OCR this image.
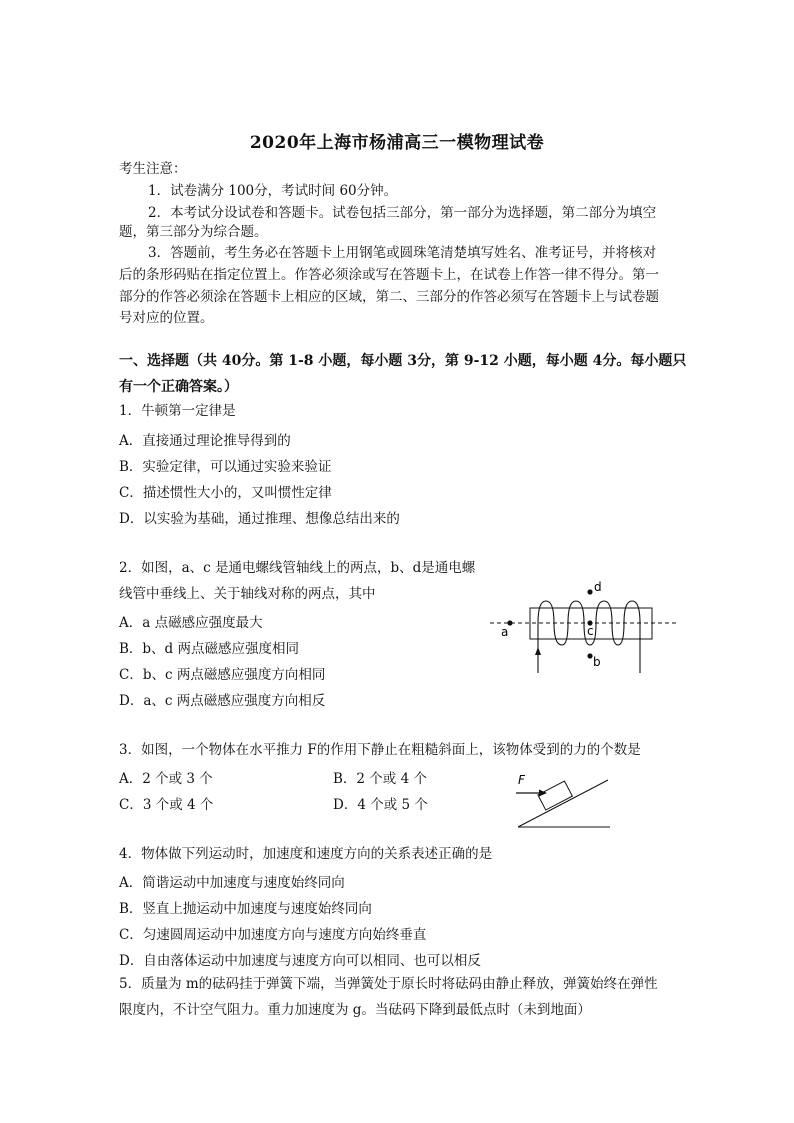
2020年上海市杨浦高三一模物理试卷
考生注意：
1．试卷满分 100分，考试时间 60分钟。
2．本考试分设试卷和答题卡。试卷包括三部分，第一部分为选择题，第二部分为填空
题，第三部分为综合题。
3．答题前，考生务必在答题卡上用钢笔或圆珠笔清楚填写姓名、准考证号，并将核对
后的条形码贴在指定位置上。作答必须涂或写在答题卡上，在试卷上作答一律不得分。第一
部分的作答必须涂在答题卡上相应的区域，第二、三部分的作答必须写在答题卡上与试卷题
号对应的位置。
一、选择题（共 40分。第 1-8 小题，每小题 3分，第 9-12 小题，每小题 4分。每小题只
有一个正确答案。）
1．牛顿第一定律是
A．直接通过理论推导得到的
B．实验定律，可以通过实验来验证
C．描述惯性大小的，又叫惯性定律
D．以实验为基础，通过推理、想像总结出来的
2．如图，a、c 是通电螺线管轴线上的两点，b、d是通电螺
线管中垂线上、关于轴线对称的两点，其中
A．a 点磁感应强度最大
B．b、d 两点磁感应强度相同
C．b、c 两点磁感应强度方向相同
D．a、c 两点磁感应强度方向相反
a	c
d
b
3．如图，一个物体在水平推力 F的作用下静止在粗糙斜面上，该物体受到的力的个数是
A．2 个或 3 个	B．2 个或 4 个
C．3 个或 4 个	D．4 个或 5 个
F
4．物体做下列运动时，加速度和速度方向的关系表述正确的是
A．简谐运动中加速度与速度始终同向
B．竖直上抛运动中加速度与速度始终同向
C．匀速圆周运动中加速度方向与速度方向始终垂直
D．自由落体运动中加速度与速度方向可以相同、也可以相反
5．质量为 m的砝码挂于弹簧下端，当弹簧处于原长时将砝码由静止释放，弹簧始终在弹性
限度内，不计空气阻力。重力加速度为 g。当砝码下降到最低点时（未到地面）
